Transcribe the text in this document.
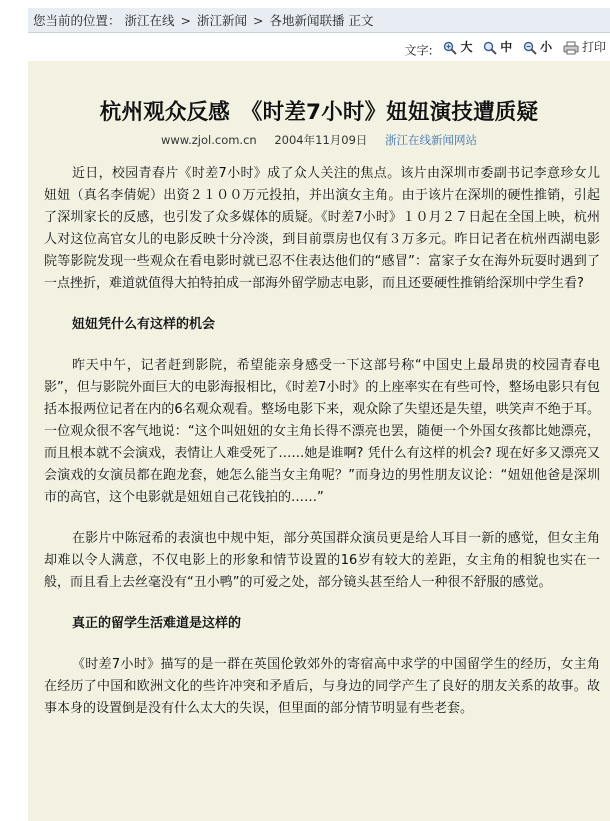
您当前的位置： 浙江在线 > 浙江新闻 > 各地新闻联播 正文
文字: 大
中
小
打印
杭州观众反感　《时差7小时》妞妞演技遭质疑
www.zjol.com.cn 2004年11月09日 浙江在线新闻网站

近日，校园青春片《时差7小时》成了众人关注的焦点。该片由深圳市委副书记李意珍女儿妞妞（真名李倩妮）出资２１００万元投拍，并出演女主角。由于该片在深圳的硬性推销，引起了深圳家长的反感，也引发了众多媒体的质疑。《时差7小时》１０月２７日起在全国上映，杭州人对这位高官女儿的电影反映十分冷淡，到目前票房也仅有３万多元。昨日记者在杭州西湖电影院等影院发现一些观众在看电影时就已忍不住表达他们的“感冒”：富家子女在海外玩耍时遇到了一点挫折，难道就值得大拍特拍成一部海外留学励志电影，而且还要硬性推销给深圳中学生看?

妞妞凭什么有这样的机会

昨天中午，记者赶到影院，希望能亲身感受一下这部号称“中国史上最昂贵的校园青春电影”，但与影院外面巨大的电影海报相比，《时差7小时》的上座率实在有些可怜，整场电影只有包括本报两位记者在内的6名观众观看。整场电影下来，观众除了失望还是失望，哄笑声不绝于耳。一位观众很不客气地说：“这个叫妞妞的女主角长得不漂亮也罢，随便一个外国女孩都比她漂亮，而且根本就不会演戏，表情让人难受死了……她是谁啊? 凭什么有这样的机会? 现在好多又漂亮又会演戏的女演员都在跑龙套，她怎么能当女主角呢？”而身边的男性朋友议论：“妞妞他爸是深圳市的高官，这个电影就是妞妞自己花钱拍的……”

在影片中陈冠希的表演也中规中矩，部分英国群众演员更是给人耳目一新的感觉，但女主角却难以令人满意，不仅电影上的形象和情节设置的16岁有较大的差距，女主角的相貌也实在一般，而且看上去丝毫没有“丑小鸭”的可爱之处，部分镜头甚至给人一种很不舒服的感觉。

真正的留学生活难道是这样的

《时差7小时》描写的是一群在英国伦敦郊外的寄宿高中求学的中国留学生的经历，女主角在经历了中国和欧洲文化的些许冲突和矛盾后，与身边的同学产生了良好的朋友关系的故事。故事本身的设置倒是没有什么太大的失误，但里面的部分情节明显有些老套。
